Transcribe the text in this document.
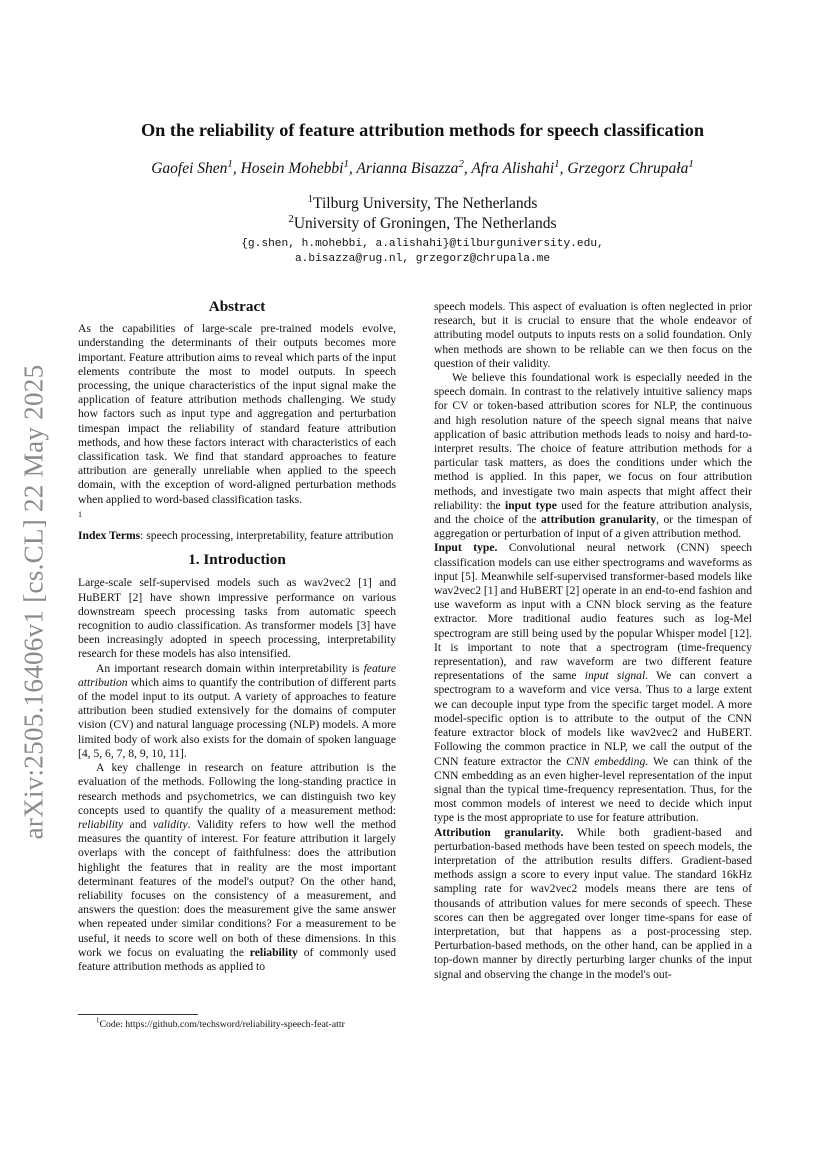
arXiv:2505.16406v1 [cs.CL] 22 May 2025
On the reliability of feature attribution methods for speech classification
Gaofei Shen$^1$, Hosein Mohebbi$^1$, Arianna Bisazza$^2$, Afra Alishahi$^1$, Grzegorz Chrupała$^1$
$^1$Tilburg University, The Netherlands
$^2$University of Groningen, The Netherlands
{g.shen, h.mohebbi, a.alishahi}@tilburguniversity.edu,
a.bisazza@rug.nl, grzegorz@chrupala.me
Abstract

As the capabilities of large-scale pre-trained models evolve, understanding the determinants of their outputs becomes more important. Feature attribution aims to reveal which parts of the input elements contribute the most to model outputs. In speech processing, the unique characteristics of the input signal make the application of feature attribution methods challenging. We study how factors such as input type and aggregation and perturbation timespan impact the reliability of standard feature attribution methods, and how these factors interact with characteristics of each classification task. We find that standard approaches to feature attribution are generally unreliable when applied to the speech domain, with the exception of word-aligned perturbation methods when applied to word-based classification tasks.

1

Index Terms: speech processing, interpretability, feature attribution

1. Introduction

Large-scale self-supervised models such as wav2vec2 [1] and HuBERT [2] have shown impressive performance on various downstream speech processing tasks from automatic speech recognition to audio classification. As transformer models [3] have been increasingly adopted in speech processing, interpretability research for these models has also intensified.

An important research domain within interpretability is feature attribution which aims to quantify the contribution of different parts of the model input to its output. A variety of approaches to feature attribution been studied extensively for the domains of computer vision (CV) and natural language processing (NLP) models. A more limited body of work also exists for the domain of spoken language [4, 5, 6, 7, 8, 9, 10, 11].

A key challenge in research on feature attribution is the evaluation of the methods. Following the long-standing practice in research methods and psychometrics, we can distinguish two key concepts used to quantify the quality of a measurement method: reliability and validity. Validity refers to how well the method measures the quantity of interest. For feature attribution it largely overlaps with the concept of faithfulness: does the attribution highlight the features that in reality are the most important determinant features of the model's output? On the other hand, reliability focuses on the consistency of a measurement, and answers the question: does the measurement give the same answer when repeated under similar conditions? For a measurement to be useful, it needs to score well on both of these dimensions. In this work we focus on evaluating the reliability of commonly used feature attribution methods as applied to

$^1$Code: https://github.com/techsword/reliability-speech-feat-attr

speech models. This aspect of evaluation is often neglected in prior research, but it is crucial to ensure that the whole endeavor of attributing model outputs to inputs rests on a solid foundation. Only when methods are shown to be reliable can we then focus on the question of their validity.

We believe this foundational work is especially needed in the speech domain. In contrast to the relatively intuitive saliency maps for CV or token-based attribution scores for NLP, the continuous and high resolution nature of the speech signal means that naive application of basic attribution methods leads to noisy and hard-to-interpret results. The choice of feature attribution methods for a particular task matters, as does the conditions under which the method is applied. In this paper, we focus on four attribution methods, and investigate two main aspects that might affect their reliability: the input type used for the feature attribution analysis, and the choice of the attribution granularity, or the timespan of aggregation or perturbation of input of a given attribution method.

Input type. Convolutional neural network (CNN) speech classification models can use either spectrograms and waveforms as input [5]. Meanwhile self-supervised transformer-based models like wav2vec2 [1] and HuBERT [2] operate in an end-to-end fashion and use waveform as input with a CNN block serving as the feature extractor. More traditional audio features such as log-Mel spectrogram are still being used by the popular Whisper model [12]. It is important to note that a spectrogram (time-frequency representation), and raw waveform are two different feature representations of the same input signal. We can convert a spectrogram to a waveform and vice versa. Thus to a large extent we can decouple input type from the specific target model. A more model-specific option is to attribute to the output of the CNN feature extractor block of models like wav2vec2 and HuBERT. Following the common practice in NLP, we call the output of the CNN feature extractor the CNN embedding. We can think of the CNN embedding as an even higher-level representation of the input signal than the typical time-frequency representation. Thus, for the most common models of interest we need to decide which input type is the most appropriate to use for feature attribution.

Attribution granularity. While both gradient-based and perturbation-based methods have been tested on speech models, the interpretation of the attribution results differs. Gradient-based methods assign a score to every input value. The standard 16kHz sampling rate for wav2vec2 models means there are tens of thousands of attribution values for mere seconds of speech. These scores can then be aggregated over longer time-spans for ease of interpretation, but that happens as a post-processing step. Perturbation-based methods, on the other hand, can be applied in a top-down manner by directly perturbing larger chunks of the input signal and observing the change in the model's out-
